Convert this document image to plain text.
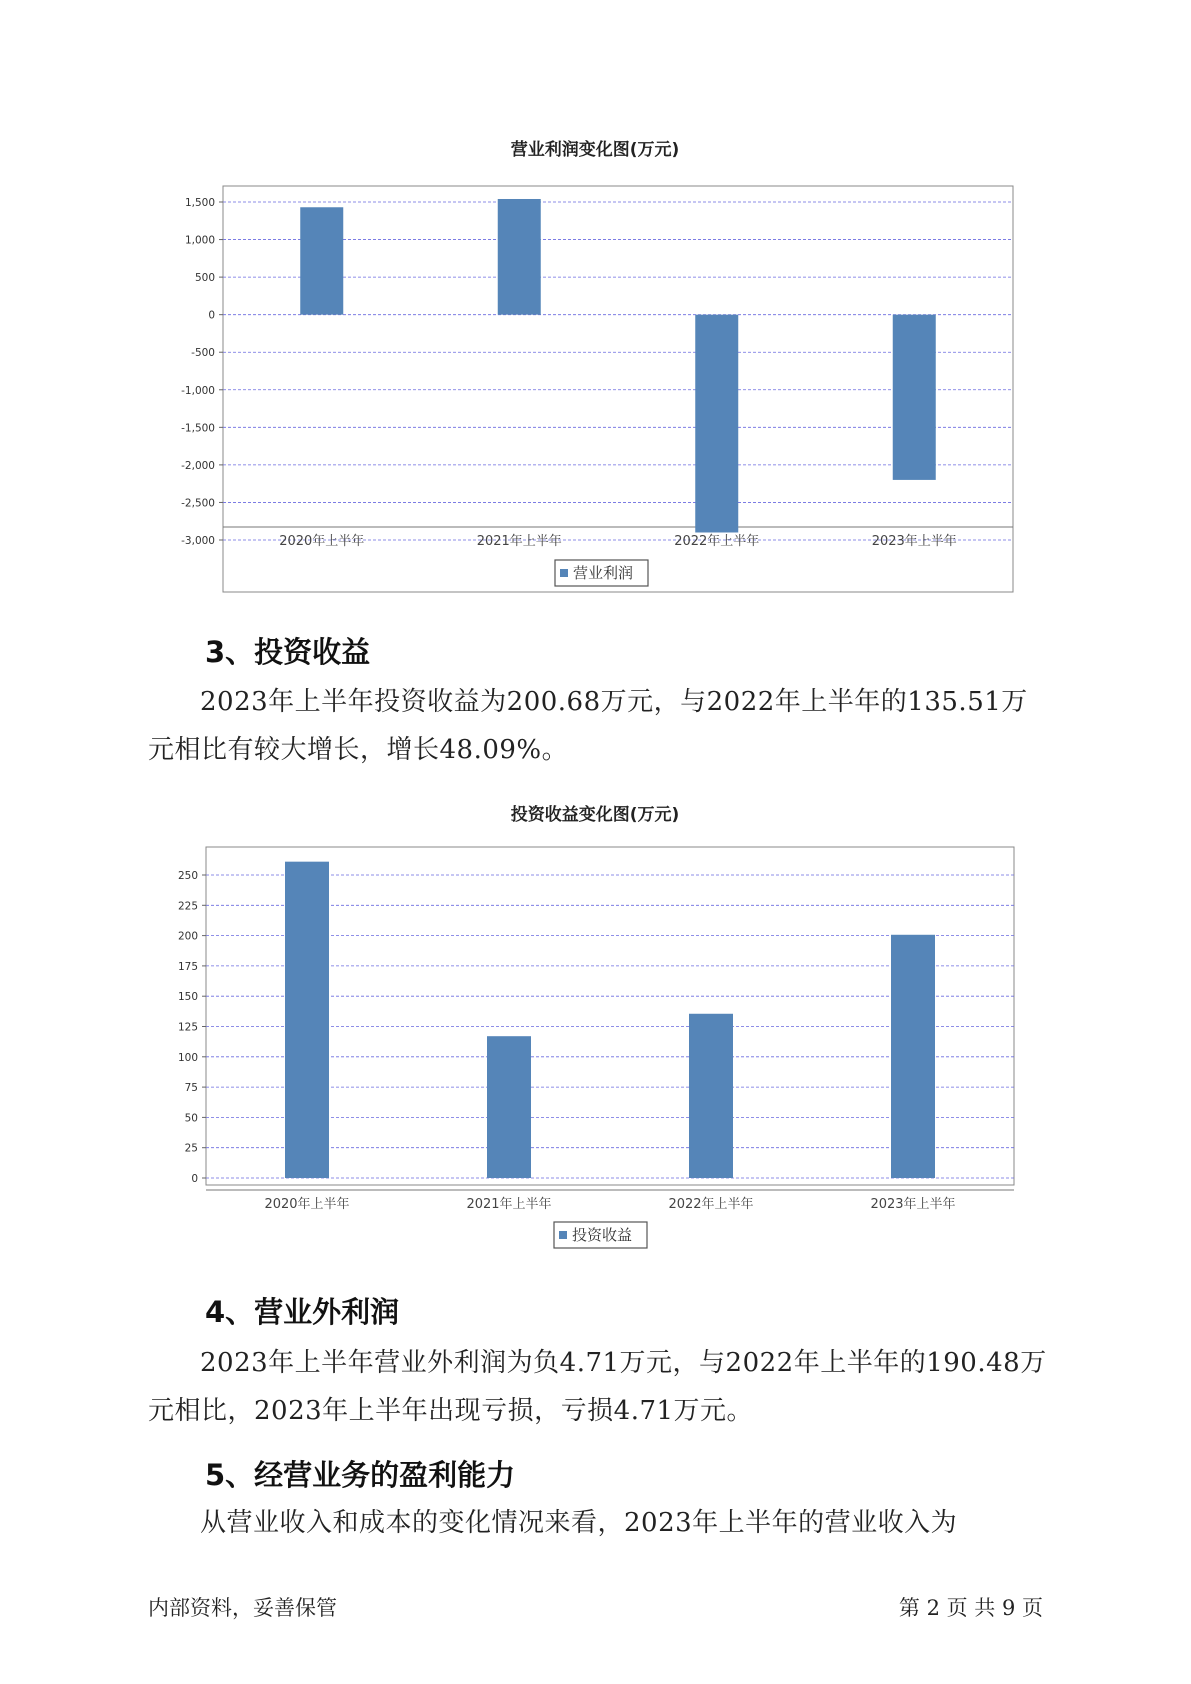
营业利润变化图(万元)
1,500
1,000
500
0
-500
-1,000
-1,500
-2,000
-2,500
-3,000	2020年上半年	2021年上半年	2022年上半年	2023年上半年
营业利润
3、投资收益

2023年上半年投资收益为200.68万元，与2022年上半年的135.51万元相比有较大增长，增长48.09%。

投资收益变化图(万元)
250
225
200
175
150
125
100
75
50
25
0
2020年上半年	2021年上半年	2022年上半年	2023年上半年
投资收益
4、营业外利润

2023年上半年营业外利润为负4.71万元，与2022年上半年的190.48万元相比，2023年上半年出现亏损，亏损4.71万元。

5、经营业务的盈利能力

从营业收入和成本的变化情况来看，2023年上半年的营业收入为

内部资料，妥善保管	第 2 页 共 9 页
